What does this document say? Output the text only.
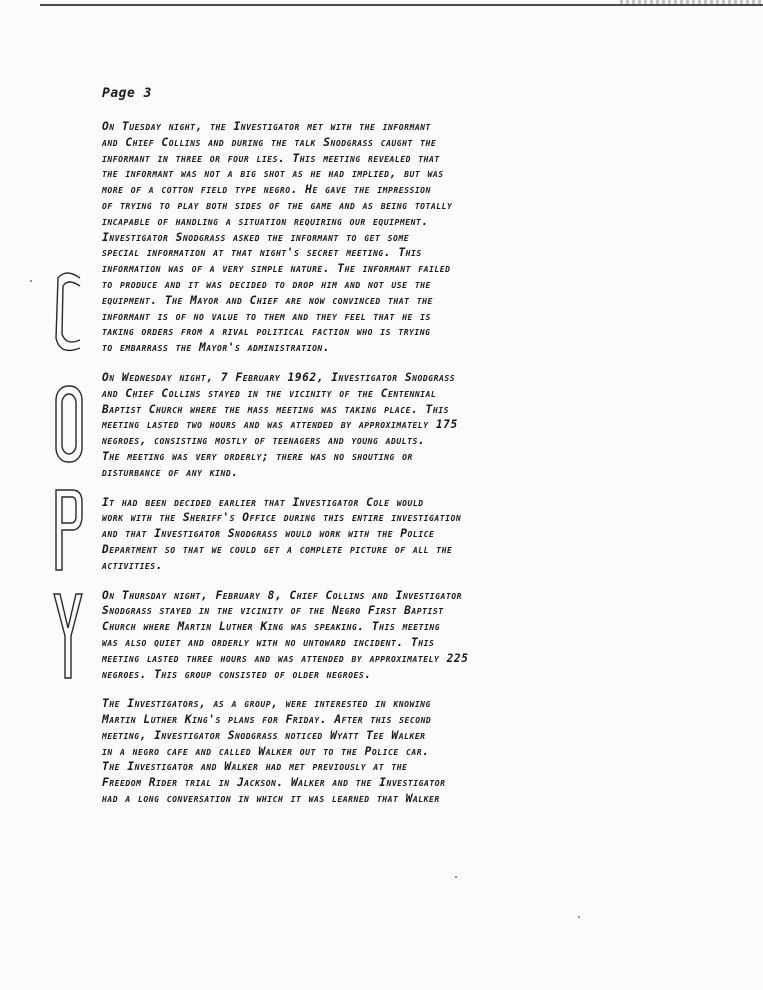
Page 3
On Tuesday night, the Investigator met with the informant
and Chief Collins and during the talk Snodgrass caught the
informant in three or four lies. This meeting revealed that
the informant was not a big shot as he had implied, but was
more of a cotton field type negro. He gave the impression
of trying to play both sides of the game and as being totally
incapable of handling a situation requiring our equipment.
Investigator Snodgrass asked the informant to get some
special information at that night's secret meeting. This
information was of a very simple nature. The informant failed
to produce and it was decided to drop him and not use the
equipment. The Mayor and Chief are now convinced that the
informant is of no value to them and they feel that he is
taking orders from a rival political faction who is trying
to embarrass the Mayor's administration.
On Wednesday night, 7 February 1962, Investigator Snodgrass
and Chief Collins stayed in the vicinity of the Centennial
Baptist Church where the mass meeting was taking place. This
meeting lasted two hours and was attended by approximately 175
negroes, consisting mostly of teenagers and young adults.
The meeting was very orderly; there was no shouting or
disturbance of any kind.
It had been decided earlier that Investigator Cole would
work with the Sheriff's Office during this entire investigation
and that Investigator Snodgrass would work with the Police
Department so that we could get a complete picture of all the
activities.
On Thursday night, February 8, Chief Collins and Investigator
Snodgrass stayed in the vicinity of the Negro First Baptist
Church where Martin Luther King was speaking. This meeting
was also quiet and orderly with no untoward incident. This
meeting lasted three hours and was attended by approximately 225
negroes. This group consisted of older negroes.
The Investigators, as a group, were interested in knowing
Martin Luther King's plans for Friday. After this second
meeting, Investigator Snodgrass noticed Wyatt Tee Walker
in a negro cafe and called Walker out to the Police car.
The Investigator and Walker had met previously at the
Freedom Rider trial in Jackson. Walker and the Investigator
had a long conversation in which it was learned that Walker
